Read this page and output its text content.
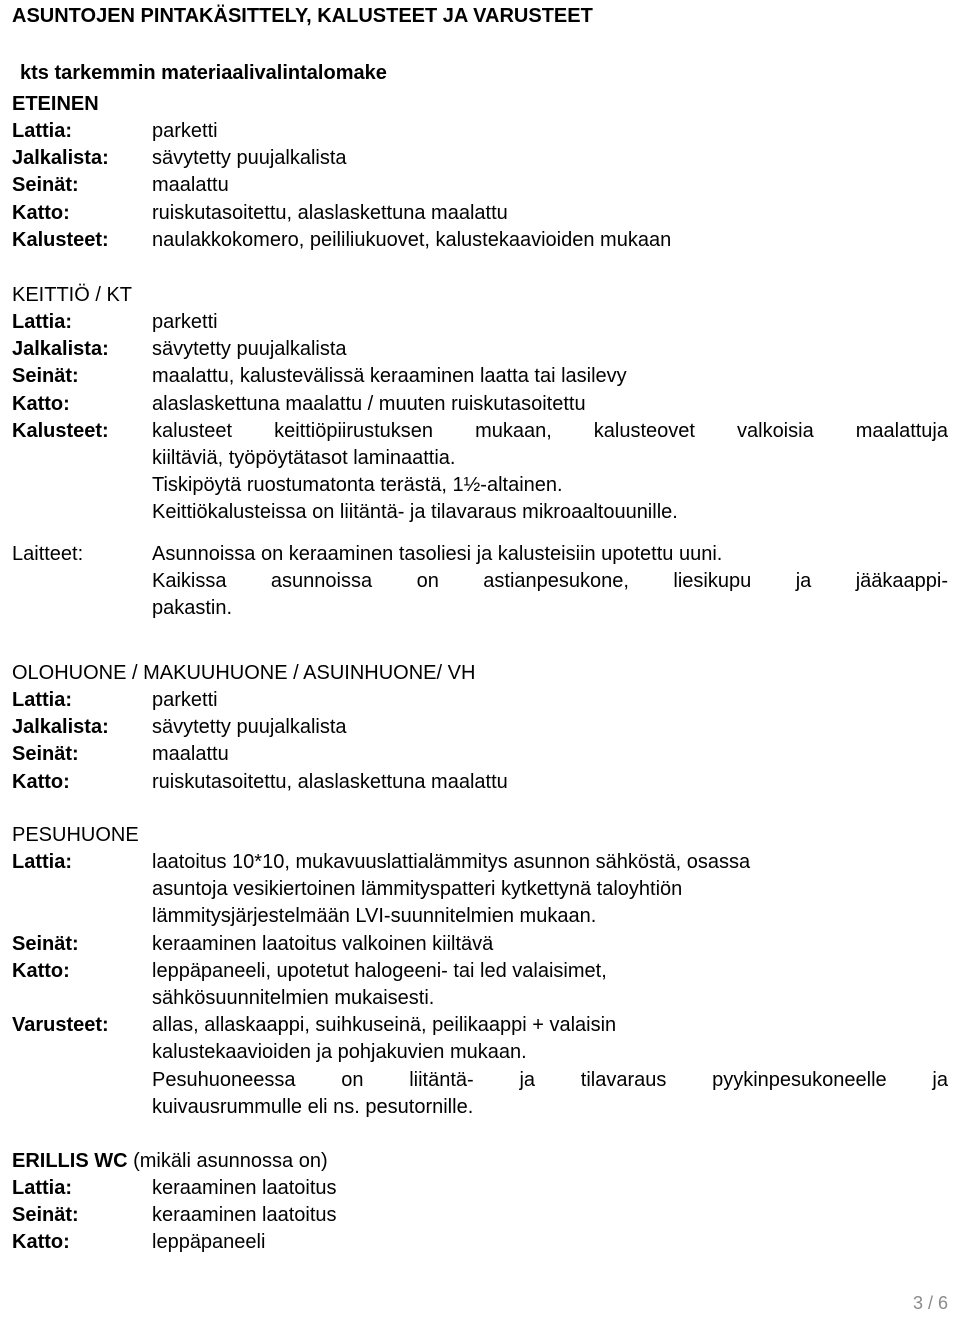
ASUNTOJEN PINTAKÄSITTELY, KALUSTEET JA VARUSTEET
kts tarkemmin materiaalivalintalomake
ETEINEN
Lattia:	parketti
Jalkalista:	sävytetty puujalkalista
Seinät:	maalattu
Katto:	ruiskutasoitettu, alaslaskettuna maalattu
Kalusteet:	naulakkokomero, peililiukuovet, kalustekaavioiden mukaan
KEITTIÖ / KT
Lattia:	parketti
Jalkalista:	sävytetty puujalkalista
Seinät:	maalattu, kalustevälissä keraaminen laatta tai lasilevy
Katto:	alaslaskettuna maalattu / muuten ruiskutasoitettu
Kalusteet:	kalusteet keittiöpiirustuksen mukaan, kalusteovet valkoisia maalattuja
kiiltäviä, työpöytätasot laminaattia.
Tiskipöytä ruostumatonta terästä, 1½-altainen.
Keittiökalusteissa on liitäntä- ja tilavaraus mikroaaltouunille.
Laitteet:	Asunnoissa on keraaminen tasoliesi ja kalusteisiin upotettu uuni.
Kaikissa asunnoissa on astianpesukone, liesikupu ja jääkaappi-
pakastin.
OLOHUONE / MAKUUHUONE / ASUINHUONE/ VH
Lattia:	parketti
Jalkalista:	sävytetty puujalkalista
Seinät:	maalattu
Katto:	ruiskutasoitettu, alaslaskettuna maalattu
PESUHUONE
Lattia:	laatoitus 10*10, mukavuuslattialämmitys asunnon sähköstä, osassa
asuntoja vesikiertoinen lämmityspatteri kytkettynä taloyhtiön
lämmitysjärjestelmään LVI-suunnitelmien mukaan.
Seinät:	keraaminen laatoitus valkoinen kiiltävä
Katto:	leppäpaneeli, upotetut halogeeni- tai led valaisimet,
sähkösuunnitelmien mukaisesti.
Varusteet:	allas, allaskaappi, suihkuseinä, peilikaappi + valaisin
kalustekaavioiden ja pohjakuvien mukaan.
Pesuhuoneessa on liitäntä- ja tilavaraus pyykinpesukoneelle ja
kuivausrummulle eli ns. pesutornille.
ERILLIS WC (mikäli asunnossa on)
Lattia:	keraaminen laatoitus
Seinät:	keraaminen laatoitus
Katto:	leppäpaneeli
3 / 6
